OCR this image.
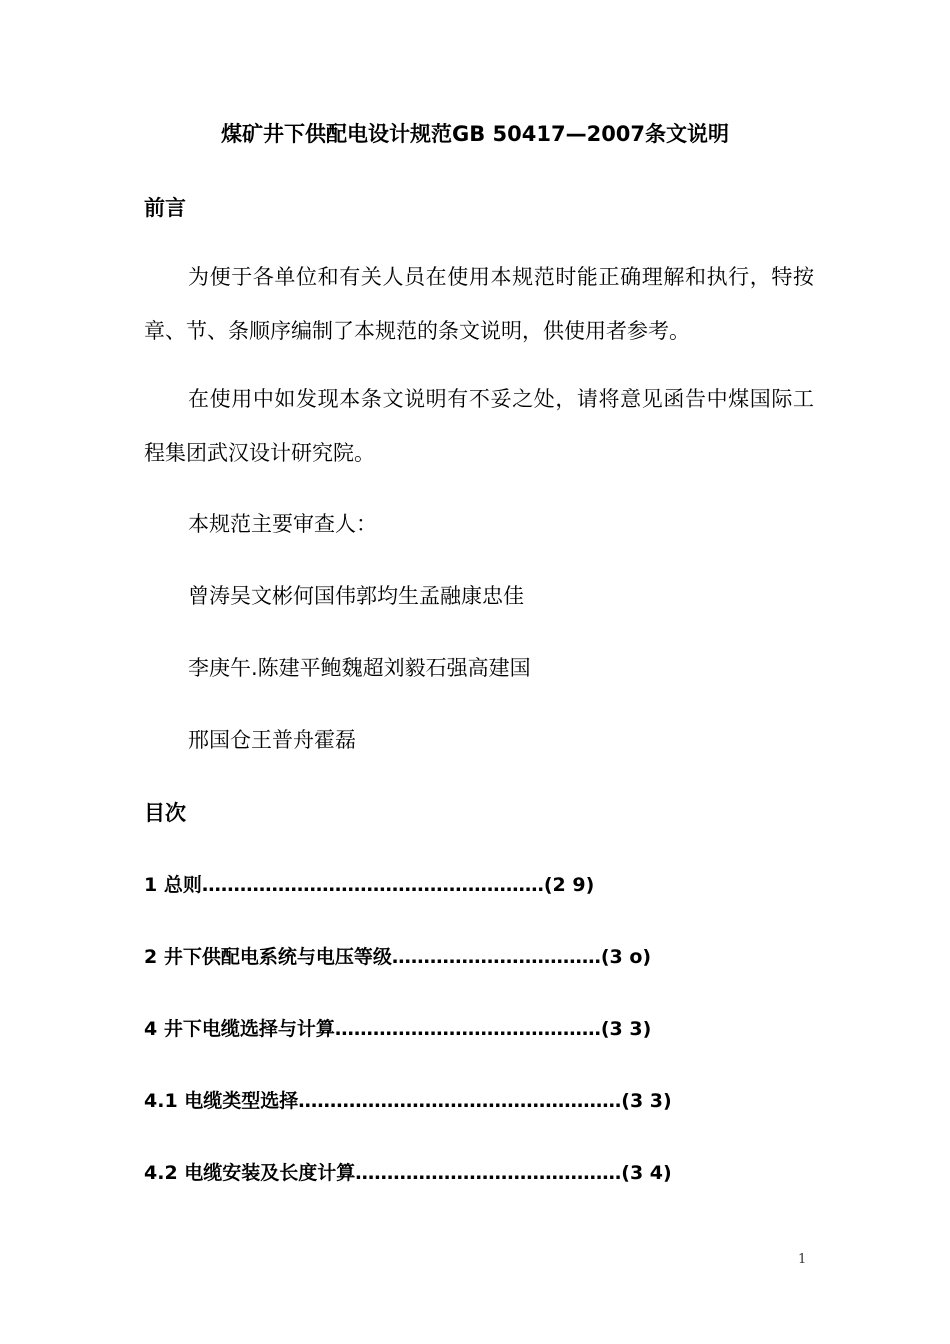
煤矿井下供配电设计规范GB 50417—2007条文说明
前言

为便于各单位和有关人员在使用本规范时能正确理解和执行，特按章、节、条顺序编制了本规范的条文说明，供使用者参考。

在使用中如发现本条文说明有不妥之处，请将意见函告中煤国际工程集团武汉设计研究院。

本规范主要审查人：
曾涛吴文彬何国伟郭均生孟融康忠佳
李庚午.陈建平鲍魏超刘毅石强高建国
邢国仓王普舟霍磊
目次
1 总则………………………………………………(2 9)
2 井下供配电系统与电压等级……………………………(3 o)
4 井下电缆选择与计算……………………………………(3 3)
4.1 电缆类型选择……………………………………………(3 3)
4.2 电缆安装及长度计算……………………………………(3 4)
1
